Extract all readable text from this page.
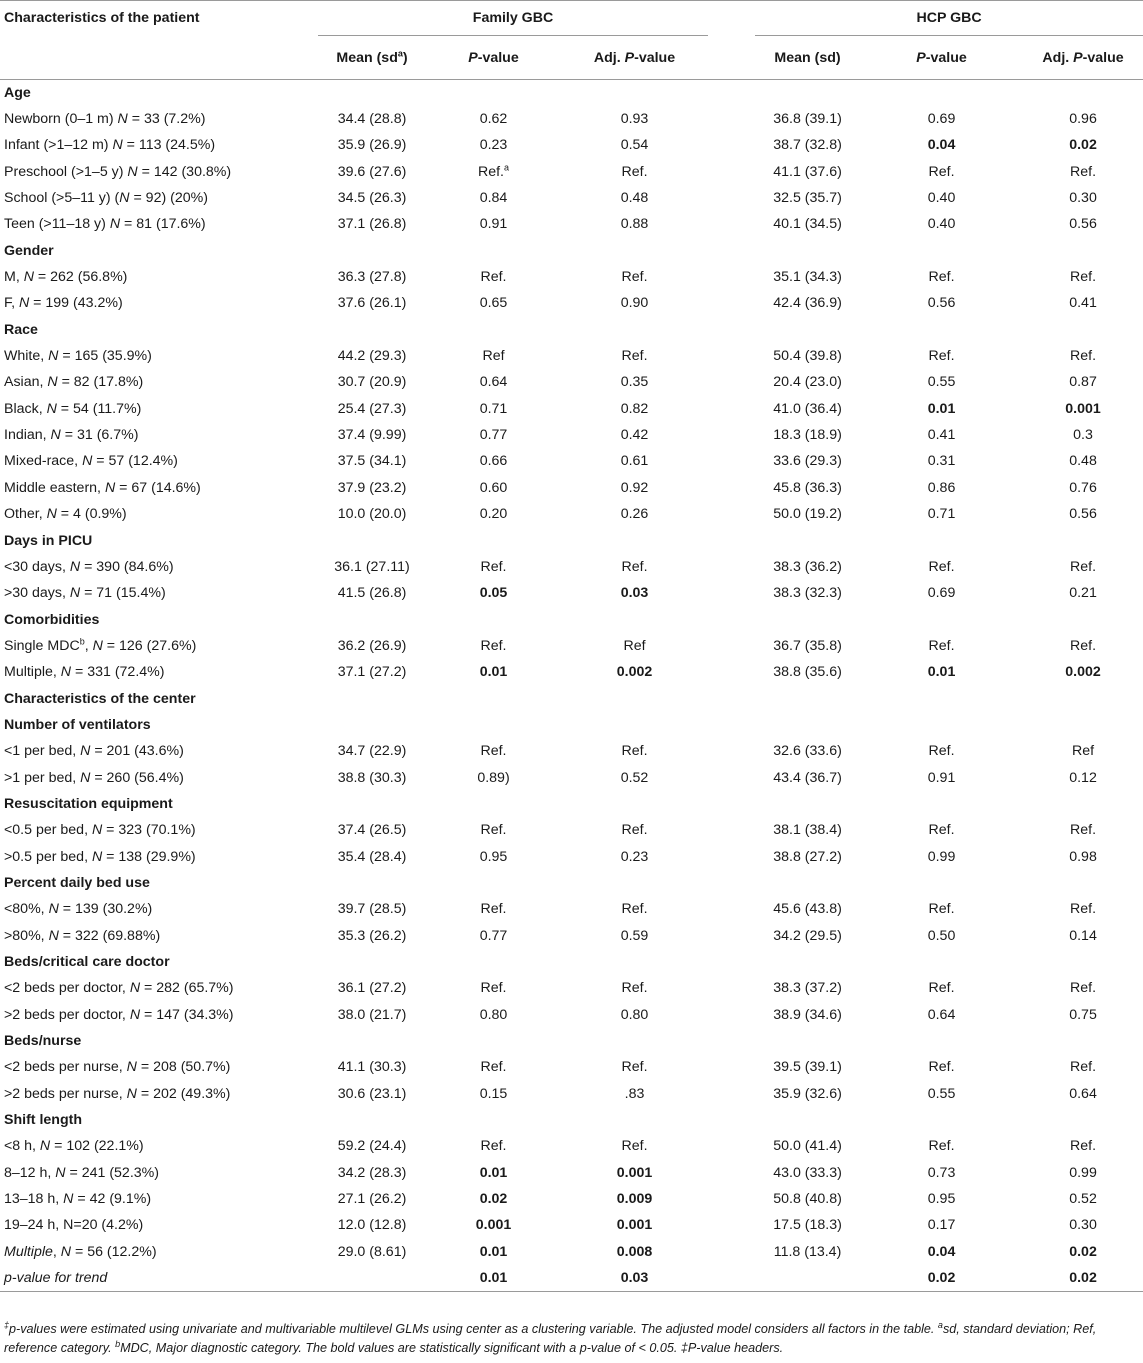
Characteristics of the patient	Family GBC				HCP GBC		
	Mean $(sd^a)$	P-value	Adj. P-value		Mean (sd)	P-value	Adj. P-value
Age							
Newborn (0–1 m) N = 33 (7.2%)	34.4 (28.8)	0.62	0.93		36.8 (39.1)	0.69	0.96
Infant (>1–12 m) N = 113 (24.5%)	35.9 (26.9)	0.23	0.54		38.7 (32.8)	0.04	0.02
Preschool (>1–5 y) N = 142 (30.8%)	39.6 (27.6)	Ref.$^a$	Ref.		41.1 (37.6)	Ref.	Ref.
School (>5–11 y) (N = 92) (20%)	34.5 (26.3)	0.84	0.48		32.5 (35.7)	0.40	0.30
Teen (>11–18 y) N = 81 (17.6%)	37.1 (26.8)	0.91	0.88		40.1 (34.5)	0.40	0.56
Gender							
M, N = 262 (56.8%)	36.3 (27.8)	Ref.	Ref.		35.1 (34.3)	Ref.	Ref.
F, N = 199 (43.2%)	37.6 (26.1)	0.65	0.90		42.4 (36.9)	0.56	0.41
Race							
White, N = 165 (35.9%)	44.2 (29.3)	Ref	Ref.		50.4 (39.8)	Ref.	Ref.
Asian, N = 82 (17.8%)	30.7 (20.9)	0.64	0.35		20.4 (23.0)	0.55	0.87
Black, N = 54 (11.7%)	25.4 (27.3)	0.71	0.82		41.0 (36.4)	0.01	0.001
Indian, N = 31 (6.7%)	37.4 (9.99)	0.77	0.42		18.3 (18.9)	0.41	0.3
Mixed-race, N = 57 (12.4%)	37.5 (34.1)	0.66	0.61		33.6 (29.3)	0.31	0.48
Middle eastern, N = 67 (14.6%)	37.9 (23.2)	0.60	0.92		45.8 (36.3)	0.86	0.76
Other, N = 4 (0.9%)	10.0 (20.0)	0.20	0.26		50.0 (19.2)	0.71	0.56
Days in PICU							
<30 days, N = 390 (84.6%)	36.1 (27.11)	Ref.	Ref.		38.3 (36.2)	Ref.	Ref.
>30 days, N = 71 (15.4%)	41.5 (26.8)	0.05	0.03		38.3 (32.3)	0.69	0.21
Comorbidities							
Single MDC$^b$, N = 126 (27.6%)	36.2 (26.9)	Ref.	Ref		36.7 (35.8)	Ref.	Ref.
Multiple, N = 331 (72.4%)	37.1 (27.2)	0.01	0.002		38.8 (35.6)	0.01	0.002
Characteristics of the center							
Number of ventilators							
<1 per bed, N = 201 (43.6%)	34.7 (22.9)	Ref.	Ref.		32.6 (33.6)	Ref.	Ref
>1 per bed, N = 260 (56.4%)	38.8 (30.3)	0.89)	0.52		43.4 (36.7)	0.91	0.12
Resuscitation equipment							
<0.5 per bed, N = 323 (70.1%)	37.4 (26.5)	Ref.	Ref.		38.1 (38.4)	Ref.	Ref.
>0.5 per bed, N = 138 (29.9%)	35.4 (28.4)	0.95	0.23		38.8 (27.2)	0.99	0.98
Percent daily bed use							
<80%, N = 139 (30.2%)	39.7 (28.5)	Ref.	Ref.		45.6 (43.8)	Ref.	Ref.
>80%, N = 322 (69.88%)	35.3 (26.2)	0.77	0.59		34.2 (29.5)	0.50	0.14
Beds/critical care doctor							
<2 beds per doctor, N = 282 (65.7%)	36.1 (27.2)	Ref.	Ref.		38.3 (37.2)	Ref.	Ref.
>2 beds per doctor, N = 147 (34.3%)	38.0 (21.7)	0.80	0.80		38.9 (34.6)	0.64	0.75
Beds/nurse							
<2 beds per nurse, N = 208 (50.7%)	41.1 (30.3)	Ref.	Ref.		39.5 (39.1)	Ref.	Ref.
>2 beds per nurse, N = 202 (49.3%)	30.6 (23.1)	0.15	.83		35.9 (32.6)	0.55	0.64
Shift length							
<8 h, N = 102 (22.1%)	59.2 (24.4)	Ref.	Ref.		50.0 (41.4)	Ref.	Ref.
8–12 h, N = 241 (52.3%)	34.2 (28.3)	0.01	0.001		43.0 (33.3)	0.73	0.99
13–18 h, N = 42 (9.1%)	27.1 (26.2)	0.02	0.009		50.8 (40.8)	0.95	0.52
19–24 h, N=20 (4.2%)	12.0 (12.8)	0.001	0.001		17.5 (18.3)	0.17	0.30
Multiple, N = 56 (12.2%)	29.0 (8.61)	0.01	0.008		11.8 (13.4)	0.04	0.02
p-value for trend		0.01	0.03			0.02	0.02
‡p-values were estimated using univariate and multivariable multilevel GLMs using center as a clustering variable. The adjusted model considers all factors in the table. $^a$sd, standard deviation; Ref, reference category. $^b$MDC, Major diagnostic category. The bold values are statistically significant with a p-value of < 0.05. ‡P-value headers.
